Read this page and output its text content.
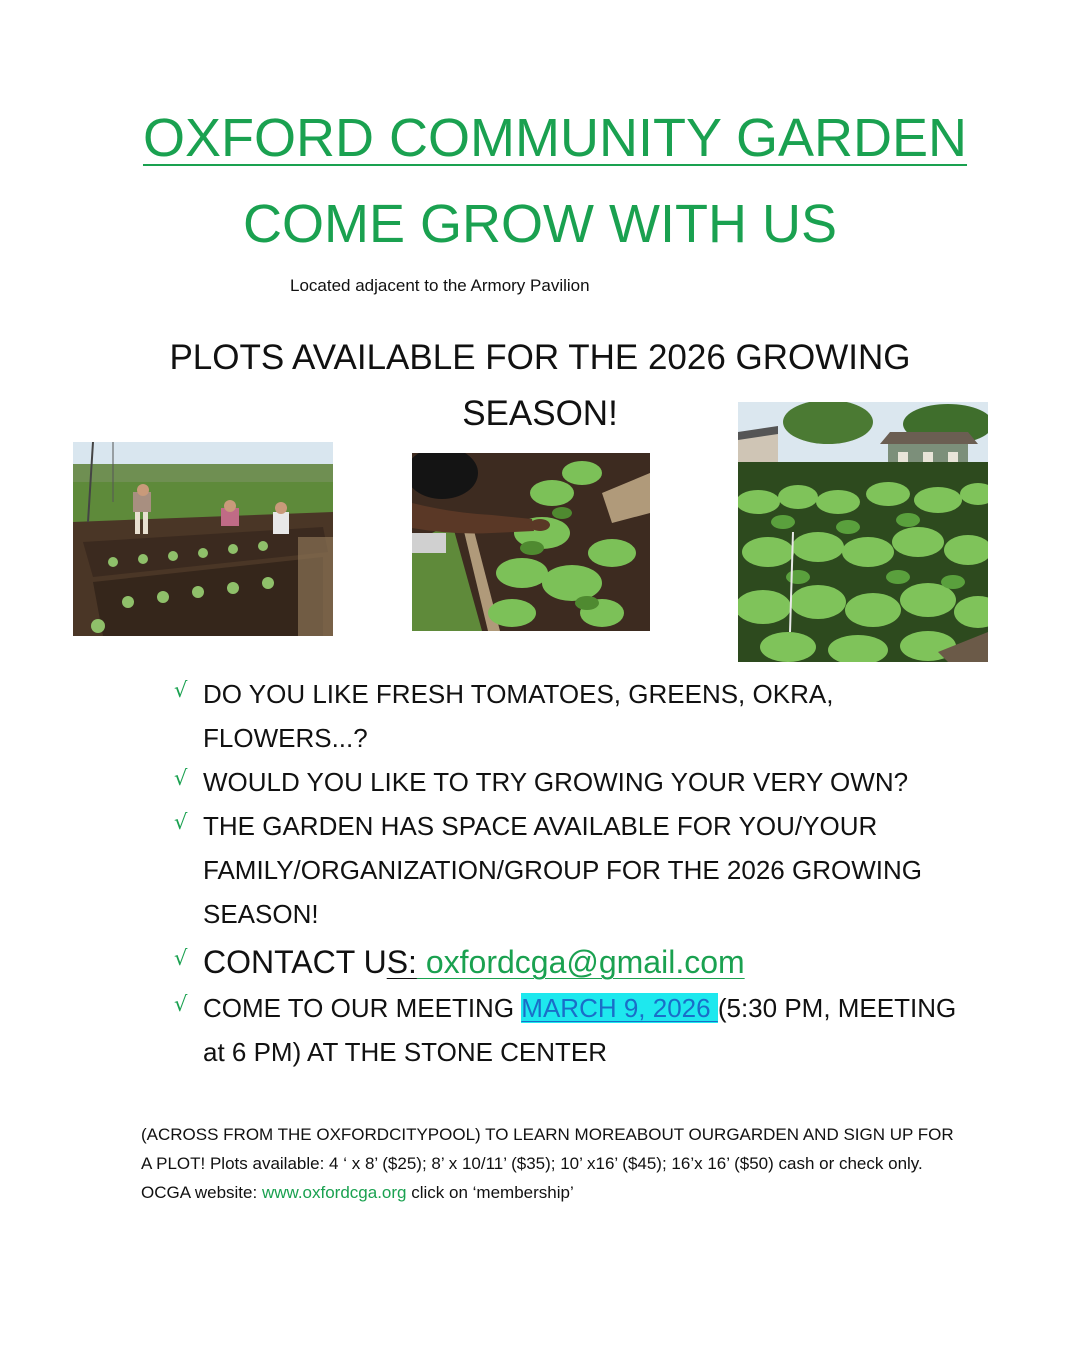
OXFORD COMMUNITY GARDEN
COME GROW WITH US
Located adjacent to the Armory Pavilion
PLOTS AVAILABLE FOR THE 2026 GROWING SEASON!
√ DO YOU LIKE FRESH TOMATOES, GREENS, OKRA, FLOWERS...?
√ WOULD YOU LIKE TO TRY GROWING YOUR VERY OWN?
√ THE GARDEN HAS SPACE AVAILABLE FOR YOU/YOUR FAMILY/ORGANIZATION/GROUP FOR THE 2026 GROWING SEASON!
√ CONTACT US: oxfordcga@gmail.com
√ COME TO OUR MEETING MARCH 9, 2026 (5:30 PM, MEETING at 6 PM) AT THE STONE CENTER
(ACROSS FROM THE OXFORDCITYPOOL) TO LEARN MOREABOUT OURGARDEN AND SIGN UP FOR A PLOT! Plots available: 4 ‘ x 8’ ($25); 8’ x 10/11’ ($35); 10’ x16’ ($45); 16’x 16’ ($50) cash or check only. OCGA website: www.oxfordcga.org click on ‘membership’
